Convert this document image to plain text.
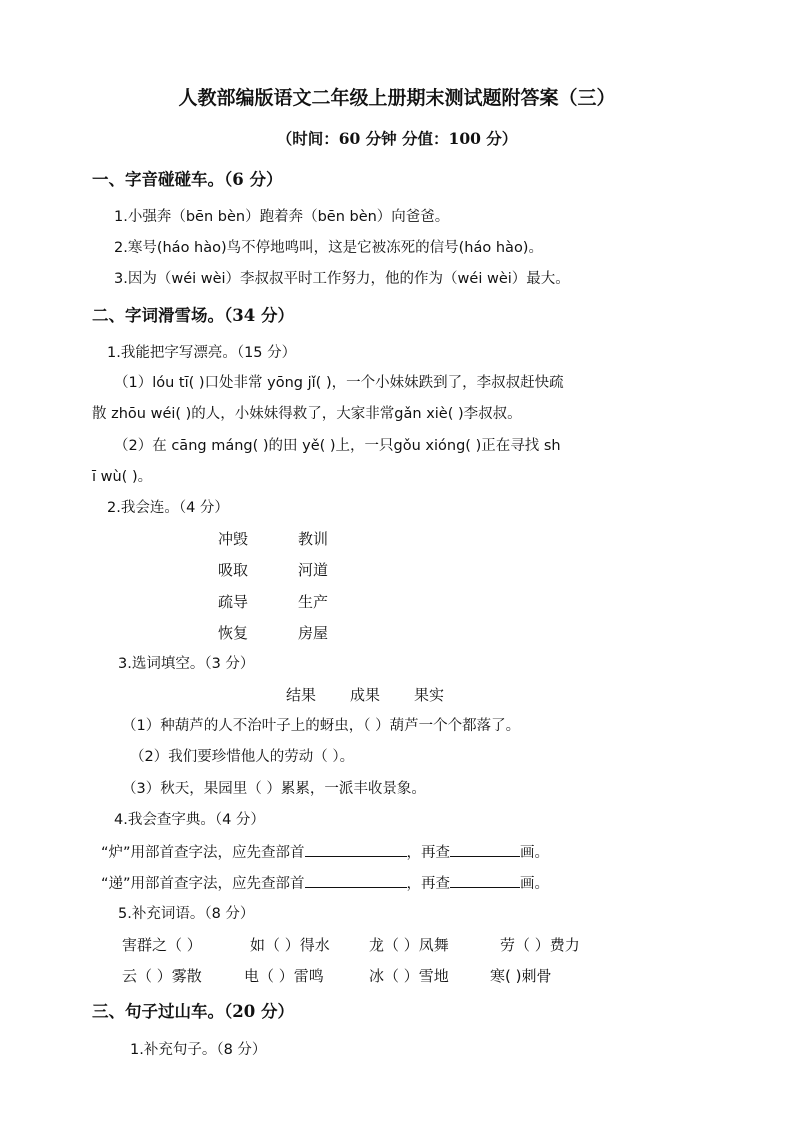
人教部编版语文二年级上册期末测试题附答案（三）
（时间：60 分钟 分值：100 分）
一、字音碰碰车。（6 分）
1.小强奔（bēn bèn）跑着奔（bēn bèn）向爸爸。
2.寒号(háo hào)鸟不停地鸣叫，这是它被冻死的信号(háo hào)。
3.因为（wéi wèi）李叔叔平时工作努力，他的作为（wéi wèi）最大。
二、字词滑雪场。（34 分）
1.我能把字写漂亮。（15 分）
（1）lóu tī( )口处非常 yōng jǐ( )，一个小妹妹跌到了，李叔叔赶快疏
散 zhōu wéi( )的人，小妹妹得救了，大家非常gǎn xiè( )李叔叔。
（2）在 cāng máng( )的田 yě( )上，一只gǒu xióng( )正在寻找 sh
ī wù( )。
2.我会连。（4 分）
冲毁	教训
吸取	河道
疏导	生产
恢复	房屋
3.选词填空。（3 分）
结果 成果 果实
（1）种葫芦的人不治叶子上的蚜虫，（ ）葫芦一个个都落了。
（2）我们要珍惜他人的劳动（ ）。
（3）秋天，果园里（ ）累累，一派丰收景象。
4.我会查字典。（4 分）
“炉”用部首查字法，应先查部首	，再查	画。
“递”用部首查字法，应先查部首	，再查	画。
5.补充词语。（8 分）
害群之（ ）	如（ ）得水	龙（ ）凤舞	劳（ ）费力
云（ ）雾散	电（ ）雷鸣	冰（ ）雪地	寒( )刺骨
三、句子过山车。（20 分）
1.补充句子。（8 分）
